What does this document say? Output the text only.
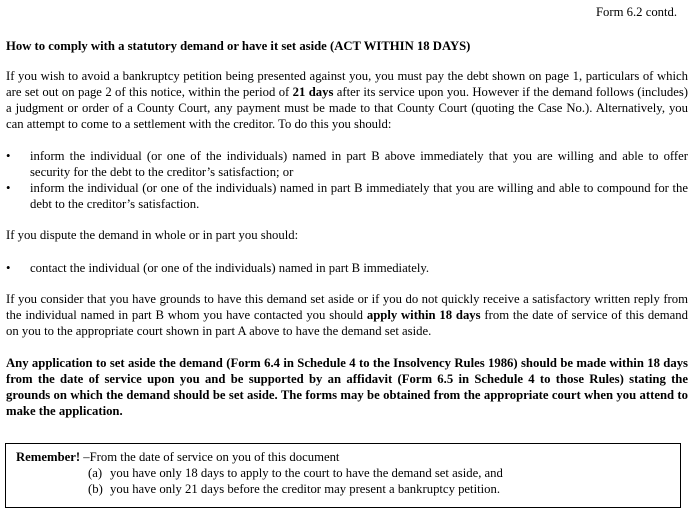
Form 6.2 contd.
How to comply with a statutory demand or have it set aside (ACT WITHIN 18 DAYS)

If you wish to avoid a bankruptcy petition being presented against you, you must pay the debt shown on page 1, particulars of which are set out on page 2 of this notice, within the period of 21 days after its service upon you. However if the demand follows (includes) a judgment or order of a County Court, any payment must be made to that County Court (quoting the Case No.). Alternatively, you can attempt to come to a settlement with the creditor. To do this you should:

• inform the individual (or one of the individuals) named in part B above immediately that you are willing and able to offer security for the debt to the creditor’s satisfaction; or
• inform the individual (or one of the individuals) named in part B immediately that you are willing and able to compound for the debt to the creditor’s satisfaction.

If you dispute the demand in whole or in part you should:

• contact the individual (or one of the individuals) named in part B immediately.

If you consider that you have grounds to have this demand set aside or if you do not quickly receive a satisfactory written reply from the individual named in part B whom you have contacted you should apply within 18 days from the date of service of this demand on you to the appropriate court shown in part A above to have the demand set aside.

Any application to set aside the demand (Form 6.4 in Schedule 4 to the Insolvency Rules 1986) should be made within 18 days from the date of service upon you and be supported by an affidavit (Form 6.5 in Schedule 4 to those Rules) stating the grounds on which the demand should be set aside. The forms may be obtained from the appropriate court when you attend to make the application.

Remember! –From the date of service on you of this document
(a) you have only 18 days to apply to the court to have the demand set aside, and
(b) you have only 21 days before the creditor may present a bankruptcy petition.
